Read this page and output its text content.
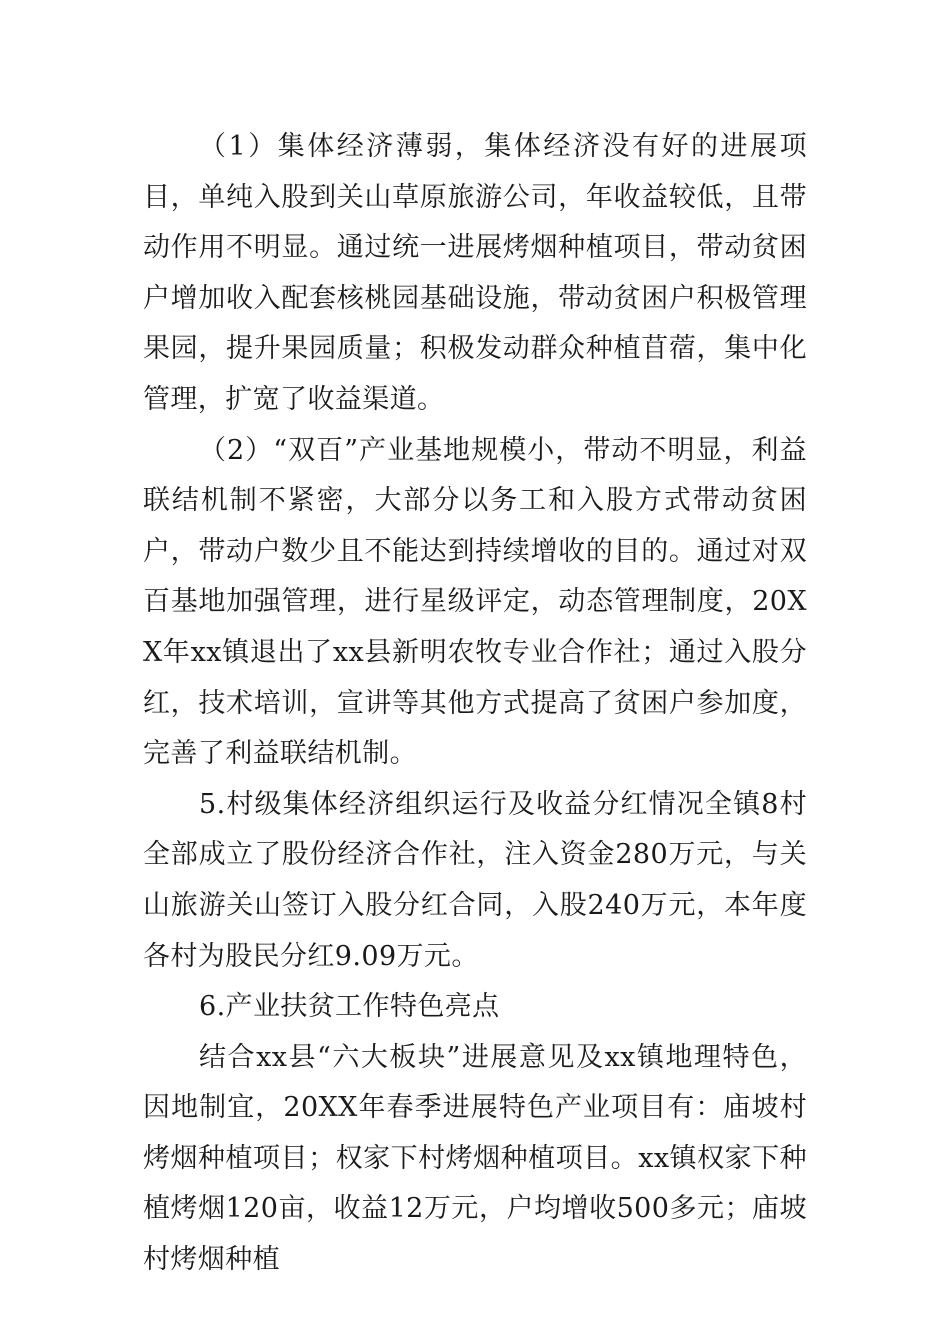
（1）集体经济薄弱，集体经济没有好的进展项目，单纯入股到关山草原旅游公司，年收益较低，且带动作用不明显。通过统一进展烤烟种植项目，带动贫困户增加收入配套核桃园基础设施，带动贫困户积极管理果园，提升果园质量；积极发动群众种植苜蓿，集中化管理，扩宽了收益渠道。

（2）“双百”产业基地规模小，带动不明显，利益联结机制不紧密，大部分以务工和入股方式带动贫困户，带动户数少且不能达到持续增收的目的。通过对双百基地加强管理，进行星级评定，动态管理制度，20XX年xx镇退出了xx县新明农牧专业合作社；通过入股分红，技术培训，宣讲等其他方式提高了贫困户参加度，完善了利益联结机制。

5.村级集体经济组织运行及收益分红情况全镇8村全部成立了股份经济合作社，注入资金280万元，与关山旅游关山签订入股分红合同，入股240万元，本年度各村为股民分红9.09万元。

6.产业扶贫工作特色亮点

结合xx县“六大板块”进展意见及xx镇地理特色，因地制宜，20XX年春季进展特色产业项目有：庙坡村烤烟种植项目；权家下村烤烟种植项目。xx镇权家下种植烤烟120亩，收益12万元，户均增收500多元；庙坡村烤烟种植
